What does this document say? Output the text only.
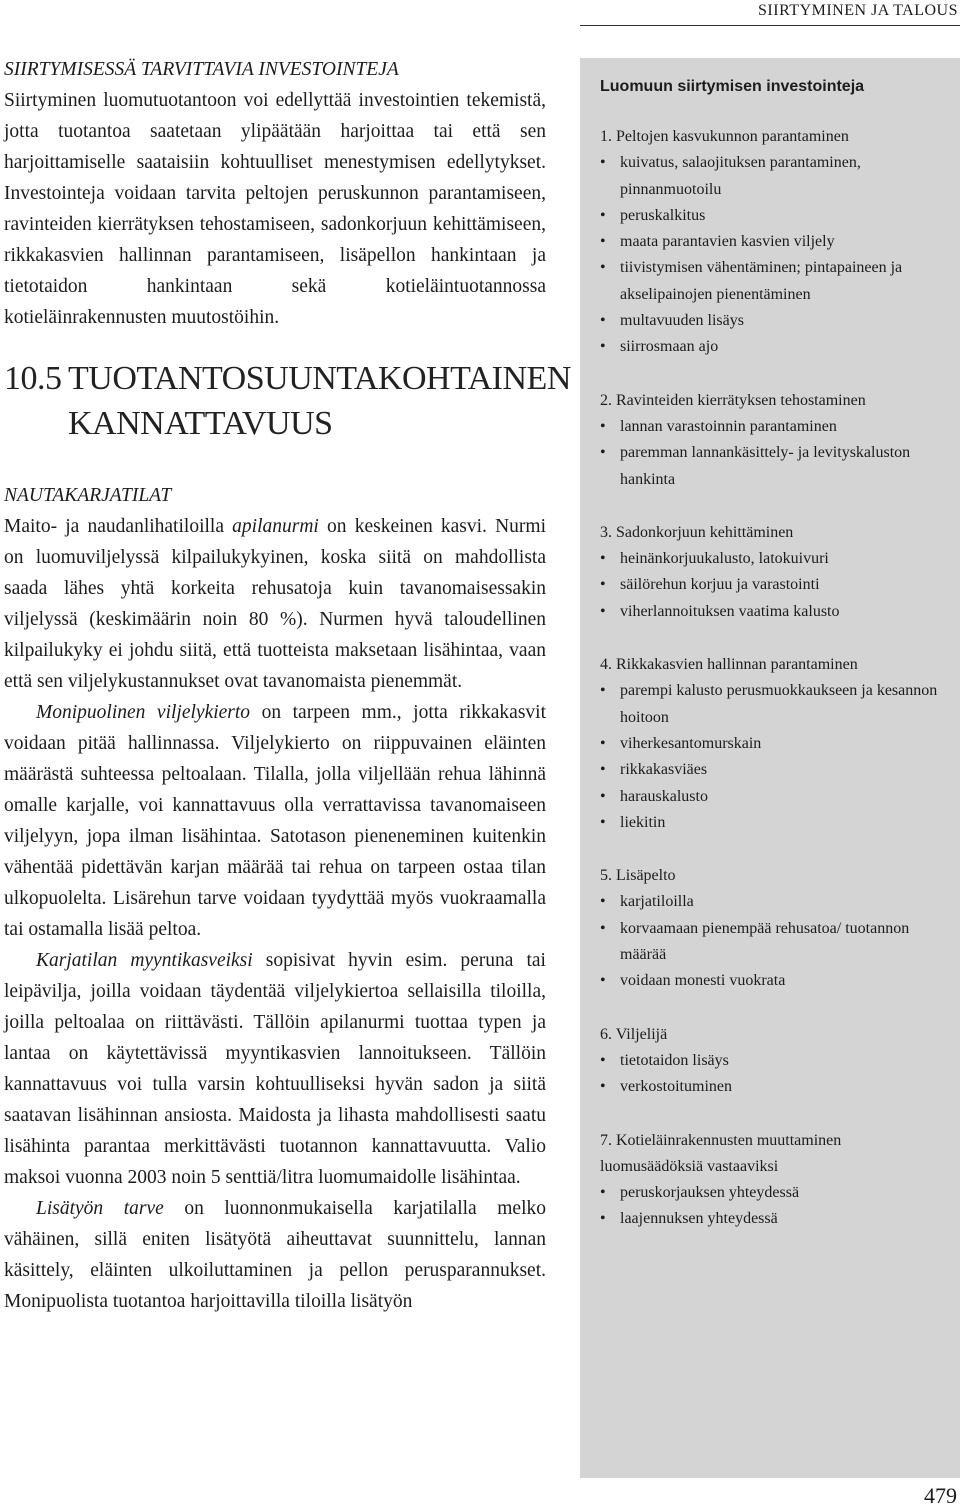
SIIRTYMINEN JA TALOUS

SIIRTYMISESSÄ TARVITTAVIA INVESTOINTEJA

Siirtyminen luomutuotantoon voi edellyttää investointien tekemistä, jotta tuotantoa saatetaan ylipäätään harjoittaa tai että sen harjoittamiselle saataisiin kohtuulliset menestymisen edellytykset. Investointeja voidaan tarvita peltojen peruskunnon parantamiseen, ravinteiden kierrätyksen tehostamiseen, sadonkorjuun kehittämiseen, rikkakasvien hallinnan parantamiseen, lisäpellon hankintaan ja tietotaidon hankintaan sekä kotieläintuotannossa kotieläinrakennusten muutostöihin.

10.5 TUOTANTOSUUNTAKOHTAINEN KANNATTAVUUS
NAUTAKARJATILAT

Maito- ja naudanlihatiloilla apilanurmi on keskeinen kasvi. Nurmi on luomuviljelyssä kilpailukykyinen, koska siitä on mahdollista saada lähes yhtä korkeita rehusatoja kuin tavanomaisessakin viljelyssä (keskimäärin noin 80 %). Nurmen hyvä taloudellinen kilpailukyky ei johdu siitä, että tuotteista maksetaan lisähintaa, vaan että sen viljelykustannukset ovat tavanomaista pienemmät.

Monipuolinen viljelykierto on tarpeen mm., jotta rikkakasvit voidaan pitää hallinnassa. Viljelykierto on riippuvainen eläinten määrästä suhteessa peltoalaan. Tilalla, jolla viljellään rehua lähinnä omalle karjalle, voi kannattavuus olla verrattavissa tavanomaiseen viljelyyn, jopa ilman lisähintaa. Satotason pieneneminen kuitenkin vähentää pidettävän karjan määrää tai rehua on tarpeen ostaa tilan ulkopuolelta. Lisärehun tarve voidaan tyydyttää myös vuokraamalla tai ostamalla lisää peltoa.

Karjatilan myyntikasveiksi sopisivat hyvin esim. peruna tai leipävilja, joilla voidaan täydentää viljelykiertoa sellaisilla tiloilla, joilla peltoalaa on riittävästi. Tällöin apilanurmi tuottaa typen ja lantaa on käytettävissä myyntikasvien lannoitukseen. Tällöin kannattavuus voi tulla varsin kohtuulliseksi hyvän sadon ja siitä saatavan lisähinnan ansiosta. Maidosta ja lihasta mahdollisesti saatu lisähinta parantaa merkittävästi tuotannon kannattavuutta. Valio maksoi vuonna 2003 noin 5 senttiä/litra luomumaidolle lisähintaa.

Lisätyön tarve on luonnonmukaisella karjatilalla melko vähäinen, sillä eniten lisätyötä aiheuttavat suunnittelu, lannan käsittely, eläinten ulkoiluttaminen ja pellon perusparannukset. Monipuolista tuotantoa harjoittavilla tiloilla lisätyön

Luomuun siirtymisen investointeja
1. Peltojen kasvukunnon parantaminen
• kuivatus, salaojituksen parantaminen, pinnanmuotoilu
• peruskalkitus
• maata parantavien kasvien viljely
• tiivistymisen vähentäminen; pintapaineen ja akselipainojen pienentäminen
• multavuuden lisäys
• siirrosmaan ajo
2. Ravinteiden kierrätyksen tehostaminen
• lannan varastoinnin parantaminen
• paremman lannankäsittely- ja levityskaluston hankinta
3. Sadonkorjuun kehittäminen
• heinänkorjuukalusto, latokuivuri
• säilörehun korjuu ja varastointi
• viherlannoituksen vaatima kalusto
4. Rikkakasvien hallinnan parantaminen
• parempi kalusto perusmuokkaukseen ja kesannon hoitoon
• viherkesantomurskain
• rikkakasviäes
• harauskalusto
• liekitin
5. Lisäpelto
• karjatiloilla
• korvaamaan pienempää rehusatoa/ tuotannon määrää
• voidaan monesti vuokrata
6. Viljelijä
• tietotaidon lisäys
• verkostoituminen
7. Kotieläinrakennusten muuttaminen luomusäädöksiä vastaaviksi
• peruskorjauksen yhteydessä
• laajennuksen yhteydessä
479
